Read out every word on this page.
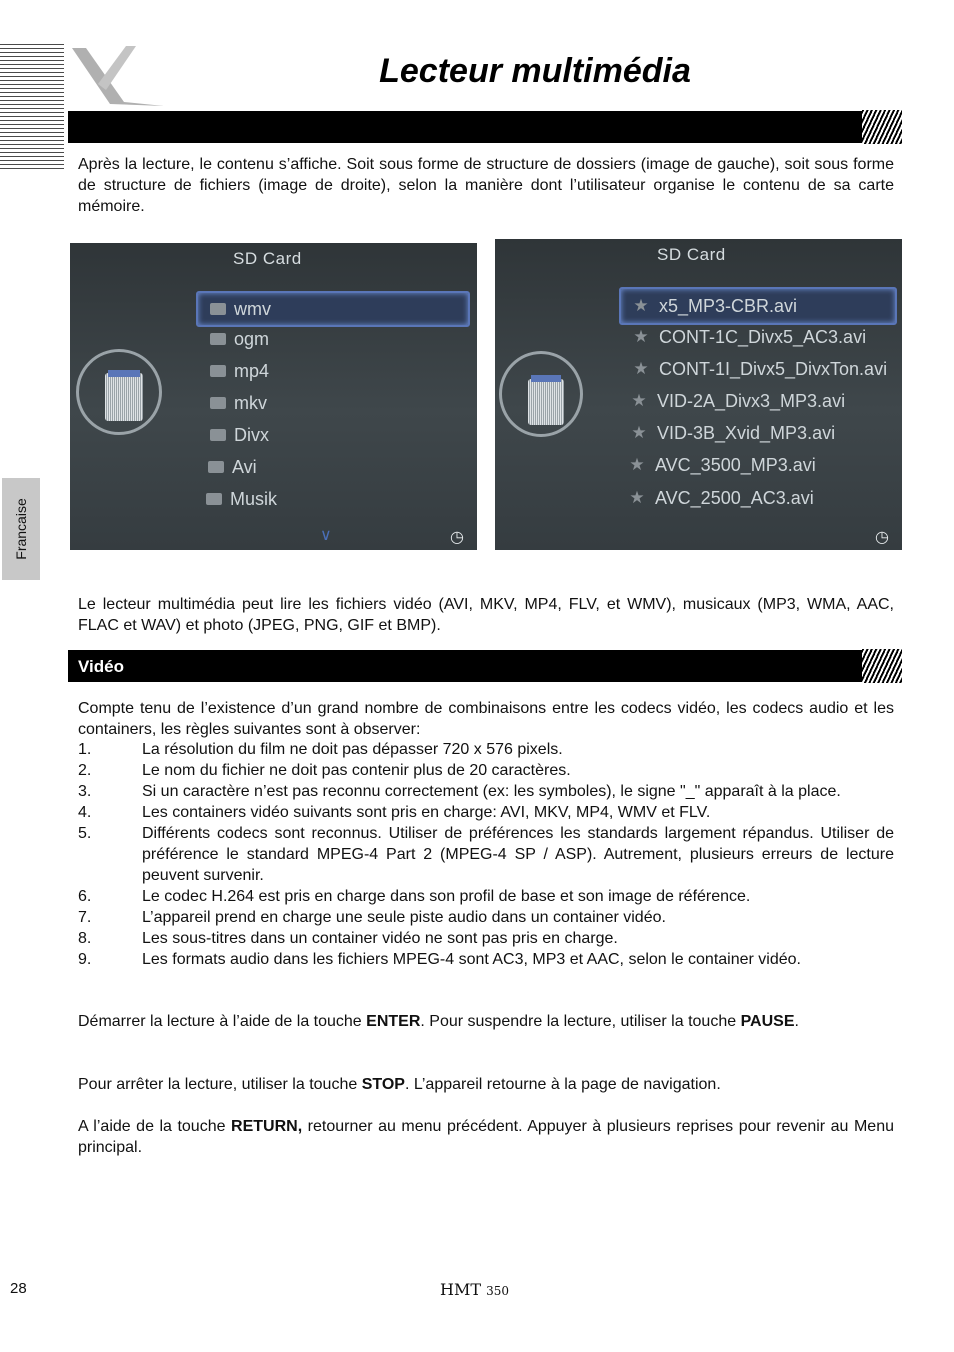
Lecteur multimédia
Francaise
Après la lecture, le contenu s’affiche. Soit sous forme de structure de dossiers (image de gauche), soit sous forme de structure de fichiers (image de droite), selon la manière dont l’utilisateur organise le contenu de sa carte mémoire.
SD Card
wmv
ogm
mp4
mkv
Divx
Avi
Musik
∨	◷
SD Card
★ x5_MP3-CBR.avi
★ CONT-1C_Divx5_AC3.avi
★ CONT-1I_Divx5_DivxTon.avi
★ VID-2A_Divx3_MP3.avi
★ VID-3B_Xvid_MP3.avi
★ AVC_3500_MP3.avi
★ AVC_2500_AC3.avi
◷
Le lecteur multimédia peut lire les fichiers vidéo (AVI, MKV, MP4, FLV, et WMV), musicaux (MP3, WMA, AAC, FLAC et WAV) et photo (JPEG, PNG, GIF et BMP).
Vidéo
Compte tenu de l’existence d’un grand nombre de combinaisons entre les codecs vidéo, les codecs audio et les containers, les règles suivantes sont à observer:
1.	La résolution du film ne doit pas dépasser 720 x 576 pixels.
2.	Le nom du fichier ne doit pas contenir plus de 20 caractères.
3.	Si un caractère n’est pas reconnu correctement (ex: les symboles), le signe "_" apparaît à la place.
4.	Les containers vidéo suivants sont pris en charge: AVI, MKV, MP4, WMV et FLV.
5.	Différents codecs sont reconnus. Utiliser de préférences les standards largement répandus. Utiliser de préférence le standard MPEG-4 Part 2 (MPEG-4 SP / ASP). Autrement, plusieurs erreurs de lecture peuvent survenir.
6.	Le codec H.264 est pris en charge dans son profil de base et son image de référence.
7.	L’appareil prend en charge une seule piste audio dans un container vidéo.
8.	Les sous-titres dans un container vidéo ne sont pas pris en charge.
9.	Les formats audio dans les fichiers MPEG-4 sont AC3, MP3 et AAC, selon le container vidéo.
Démarrer la lecture à l’aide de la touche ENTER. Pour suspendre la lecture, utiliser la touche PAUSE.
Pour arrêter la lecture, utiliser la touche STOP. L’appareil retourne à la page de navigation.
A l’aide de la touche RETURN, retourner au menu précédent. Appuyer à plusieurs reprises pour revenir au Menu principal.
28	HMT 350
